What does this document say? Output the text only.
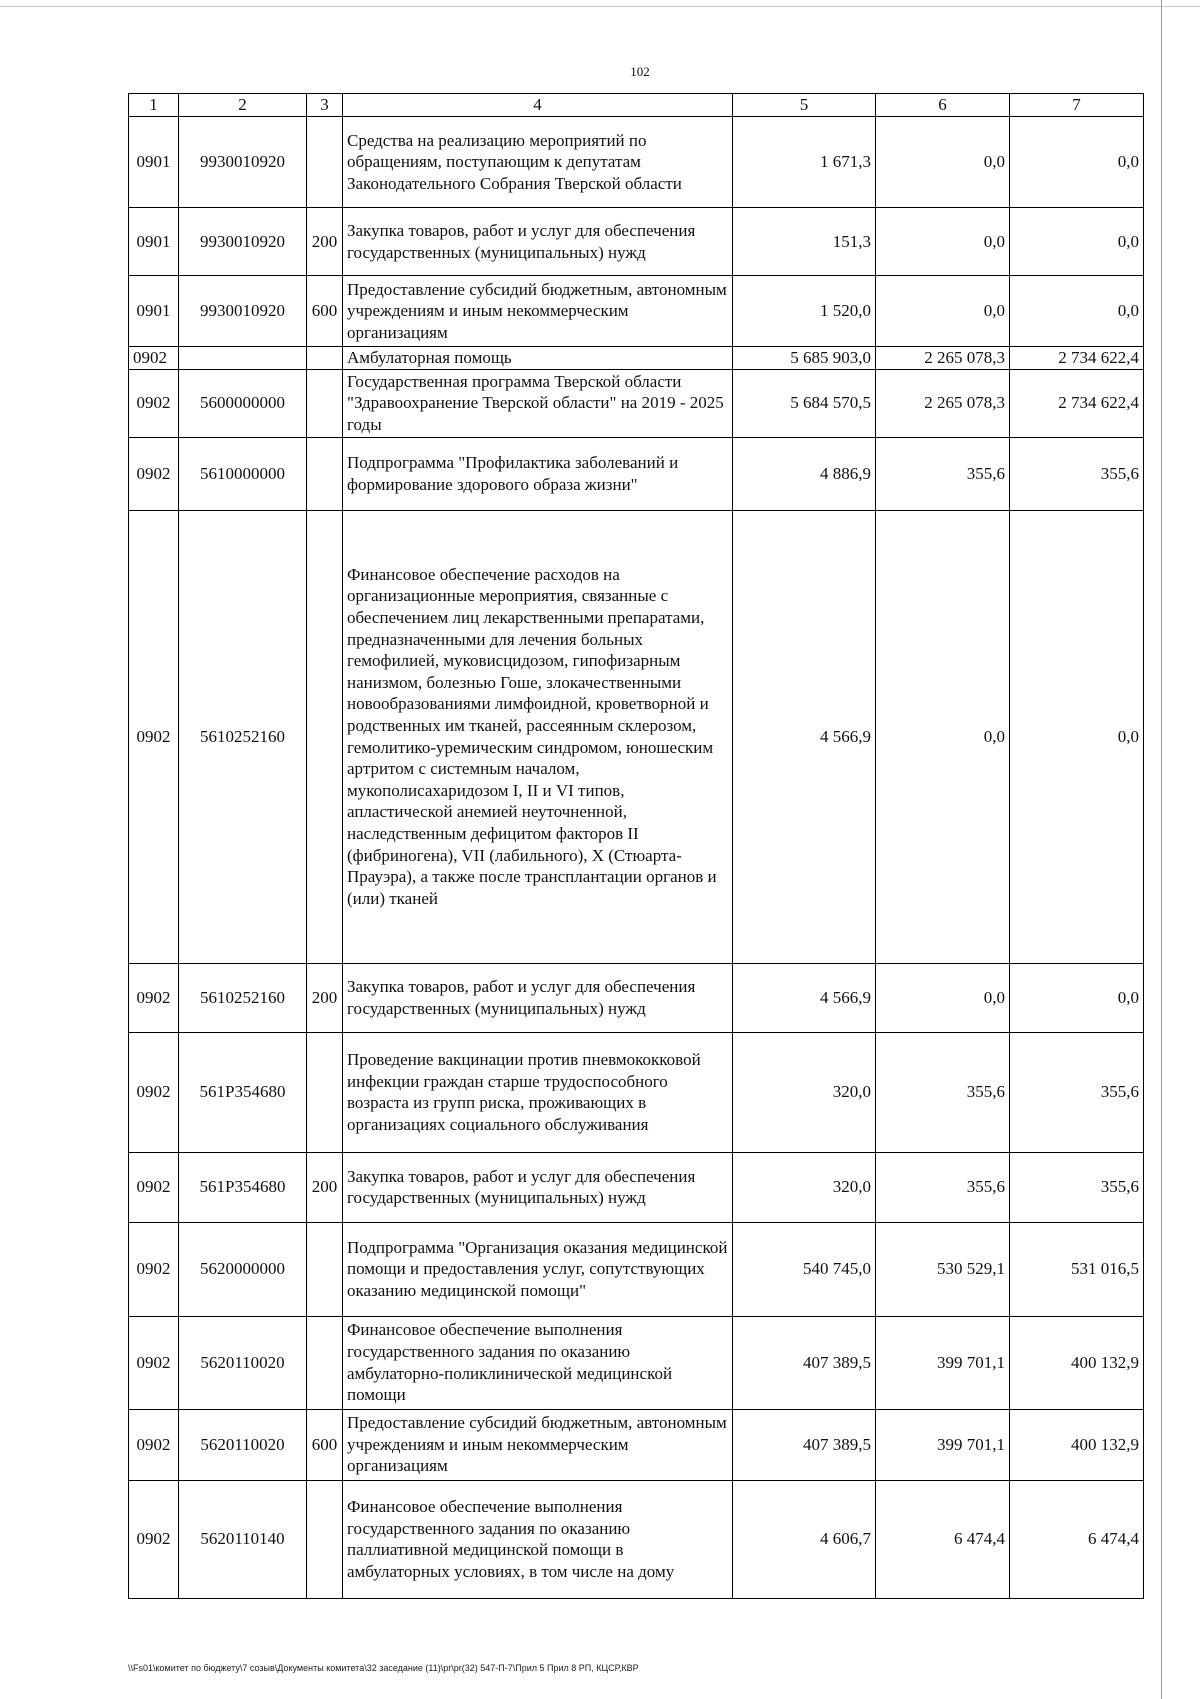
102
1	2	3	4	5	6	7
0901	9930010920		Средства на реализацию мероприятий по обращениям, поступающим к депутатам Законодательного Собрания Тверской области	1 671,3	0,0	0,0
0901	9930010920	200	Закупка товаров, работ и услуг для обеспечения государственных (муниципальных) нужд	151,3	0,0	0,0
0901	9930010920	600	Предоставление субсидий бюджетным, автономным учреждениям и иным некоммерческим организациям	1 520,0	0,0	0,0
0902			Амбулаторная помощь	5 685 903,0	2 265 078,3	2 734 622,4
0902	5600000000		Государственная программа Тверской области "Здравоохранение Тверской области" на 2019 - 2025 годы	5 684 570,5	2 265 078,3	2 734 622,4
0902	5610000000		Подпрограмма "Профилактика заболеваний и формирование здорового образа жизни"	4 886,9	355,6	355,6
0902	5610252160		Финансовое обеспечение расходов на организационные мероприятия, связанные с обеспечением лиц лекарственными препаратами, предназначенными для лечения больных гемофилией, муковисцидозом, гипофизарным нанизмом, болезнью Гоше, злокачественными новообразованиями лимфоидной, кроветворной и родственных им тканей, рассеянным склерозом, гемолитико-уремическим синдромом, юношеским артритом с системным началом, мукополисахаридозом I, II и VI типов, апластической анемией неуточненной, наследственным дефицитом факторов II (фибриногена), VII (лабильного), X (Стюарта-Прауэра), а также после трансплантации органов и (или) тканей	4 566,9	0,0	0,0
0902	5610252160	200	Закупка товаров, работ и услуг для обеспечения государственных (муниципальных) нужд	4 566,9	0,0	0,0
0902	561P354680		Проведение вакцинации против пневмококковой инфекции граждан старше трудоспособного возраста из групп риска, проживающих в организациях социального обслуживания	320,0	355,6	355,6
0902	561P354680	200	Закупка товаров, работ и услуг для обеспечения государственных (муниципальных) нужд	320,0	355,6	355,6
0902	5620000000		Подпрограмма "Организация оказания медицинской помощи и предоставления услуг, сопутствующих оказанию медицинской помощи"	540 745,0	530 529,1	531 016,5
0902	5620110020		Финансовое обеспечение выполнения государственного задания по оказанию амбулаторно-поликлинической медицинской помощи	407 389,5	399 701,1	400 132,9
0902	5620110020	600	Предоставление субсидий бюджетным, автономным учреждениям и иным некоммерческим организациям	407 389,5	399 701,1	400 132,9
0902	5620110140		Финансовое обеспечение выполнения государственного задания по оказанию паллиативной медицинской помощи в амбулаторных условиях, в том числе на дому	4 606,7	6 474,4	6 474,4
\\Fs01\комитет по бюджету\7 созыв\Документы комитета\32 заседание (11)\pr\pr(32) 547-П-7\Прил 5 Прил 8 РП, КЦСР,КВР
